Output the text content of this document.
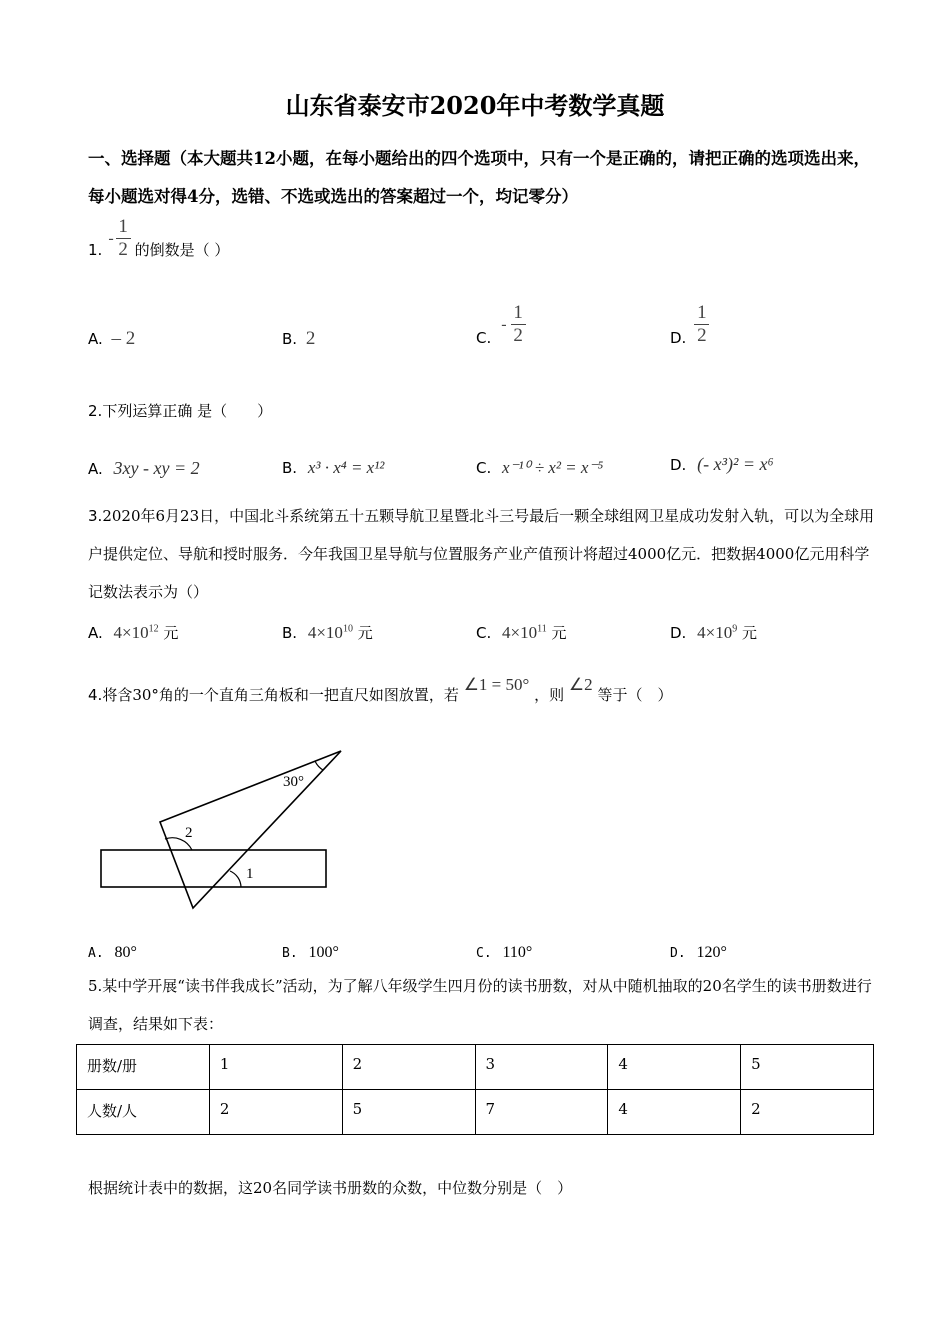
山东省泰安市2020年中考数学真题
一、选择题（本大题共12小题，在每小题给出的四个选项中，只有一个是正确的，请把正确的选项选出来，每小题选对得4分，选错、不选或选出的答案超过一个，均记零分）
1.
- $\frac{1}{2}$ 的倒数是（ ）
A. – 2	B. 2	C.
- $\frac{1}{2}$	D. $\frac{1}{2}$
2.下列运算正确 是（　　）
A. 3xy - xy = 2	B. x³ · x⁴ = x¹²	C. x⁻¹⁰ ÷ x² = x⁻⁵	D. (- x³)² = x⁶
3.2020年6月23日，中国北斗系统第五十五颗导航卫星暨北斗三号最后一颗全球组网卫星成功发射入轨，可以为全球用户提供定位、导航和授时服务．今年我国卫星导航与位置服务产业产值预计将超过4000亿元．把数据4000亿元用科学记数法表示为（）
A. $4\times 10^{12}$ 元	B. $4\times 10^{10}$ 元	C. $4\times 10^{11}$ 元	D. $4\times 10^9$ 元
4.将含30°角的一个直角三角板和一把直尺如图放置，若 ∠1 = 50° ，则 ∠2 等于（　）
30°
2
1
A. 80°	B. 100°	C. 110°	D. 120°
5.某中学开展“读书伴我成长”活动，为了解八年级学生四月份的读书册数，对从中随机抽取的20名学生的读书册数进行调查，结果如下表：
册数/册	1	2	3	4	5
人数/人	2	5	7	4	2
根据统计表中的数据，这20名同学读书册数的众数，中位数分别是（　）
